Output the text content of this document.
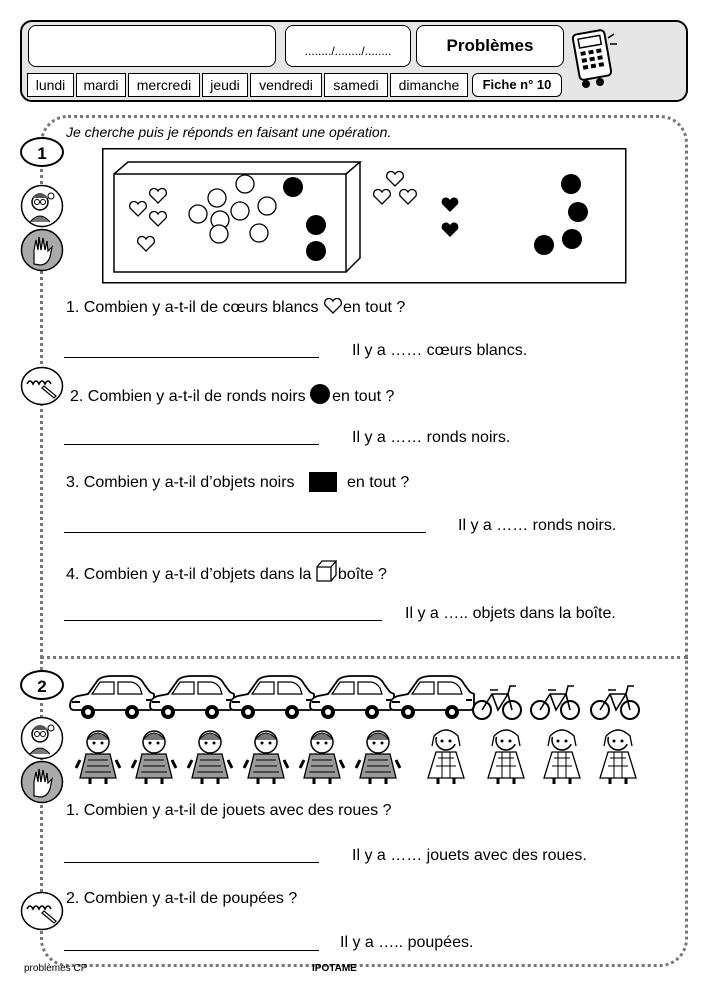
......../......../........	Problèmes
lundi	mardi	mercredi	jeudi	vendredi	samedi	dimanche	Fiche n° 10
1
Je cherche puis je réponds en faisant une opération.
1. Combien y a-t-il de cœurs blancs en tout ?
Il y a …… cœurs blancs.
2. Combien y a-t-il de ronds noirs en tout ?
Il y a …… ronds noirs.
3. Combien y a-t-il d’objets noirs	en tout ?
Il y a …… ronds noirs.
4. Combien y a-t-il d’objets dans la boîte ?
Il y a ….. objets dans la boîte.
2
1. Combien y a-t-il de jouets avec des roues ?
Il y a …… jouets avec des roues.
2. Combien y a-t-il de poupées ?
Il y a ….. poupées.
problèmes CP	IPOTAME
